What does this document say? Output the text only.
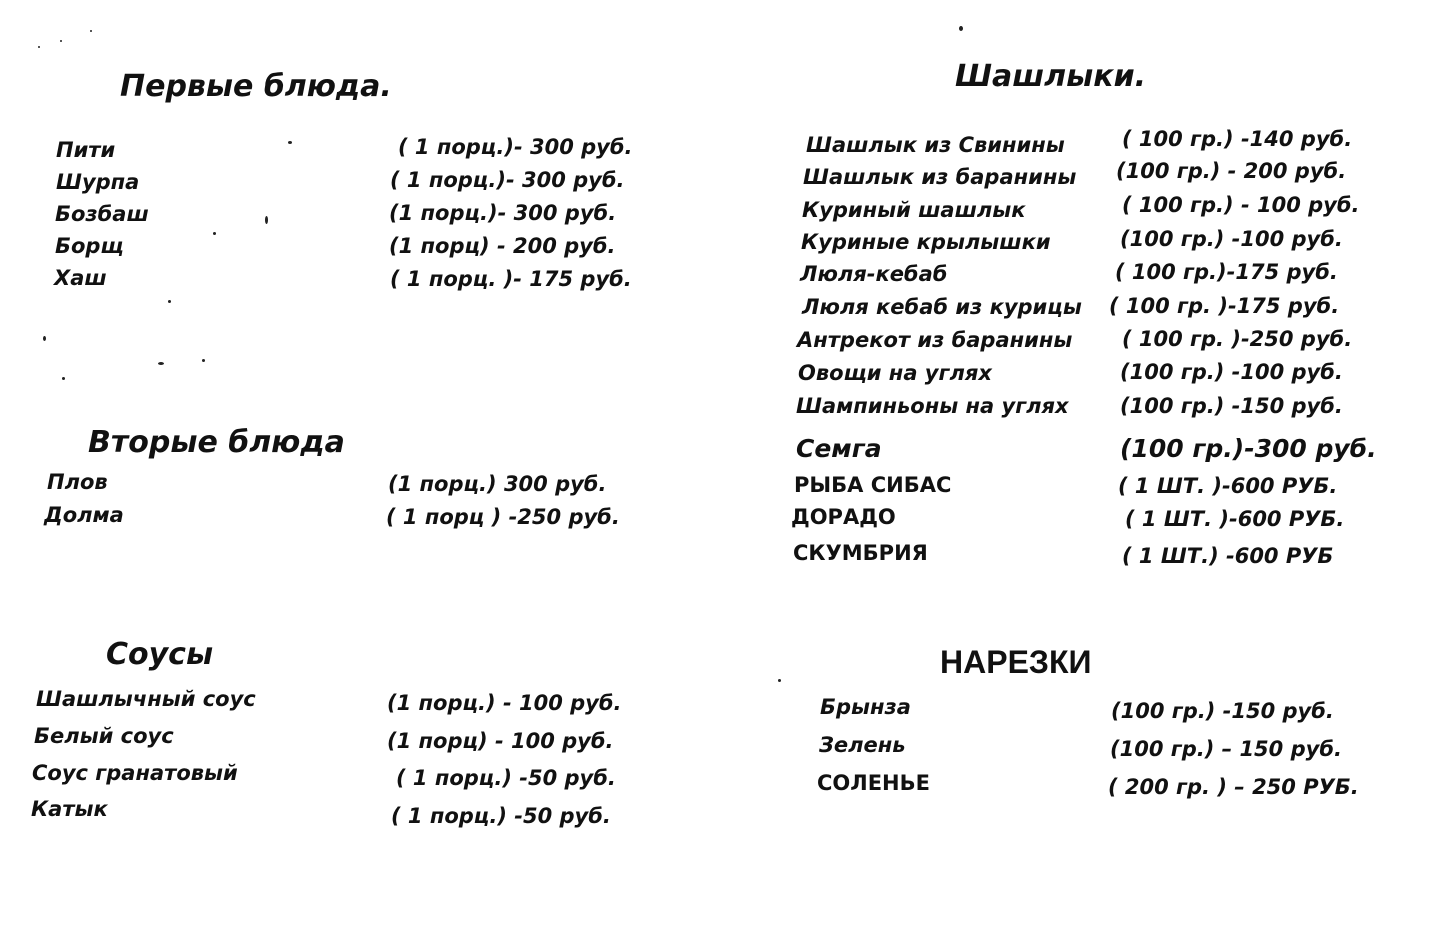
Первые блюда.
Пити	( 1 порц.)- 300 руб.
Шурпа	( 1 порц.)- 300 руб.
Бозбаш	(1 порц.)- 300 руб.
Борщ	(1 порц) - 200 руб.
Хаш	( 1 порц. )- 175 руб.
Вторые блюда
Плов	(1 порц.) 300 руб.
Долма	( 1 порц ) -250 руб.
Соусы
Шашлычный соус	(1 порц.) - 100 руб.
Белый соус	(1 порц) - 100 руб.
Соус гранатовый	( 1 порц.) -50 руб.
Катык	( 1 порц.) -50 руб.
Шашлыки.
Шашлык из Свинины	( 100 гр.) -140 руб.
Шашлык из баранины (100 гр.) - 200 руб.
Куриный шашлык	( 100 гр.) - 100 руб.
Куриные крылышки	(100 гр.) -100 руб.
Люля-кебаб	( 100 гр.)-175 руб.
Люля кебаб из курицы ( 100 гр. )-175 руб.
Антрекот из баранины ( 100 гр. )-250 руб.
Овощи на углях	(100 гр.) -100 руб.
Шампиньоны на углях (100 гр.) -150 руб.
Семга	(100 гр.)-300 руб.
РЫБА СИБАС	( 1 ШТ. )-600 РУБ.
ДОРАДО	( 1 ШТ. )-600 РУБ.
СКУМБРИЯ	( 1 ШТ.) -600 РУБ
НАРЕЗКИ
Брынза	(100 гр.) -150 руб.
Зелень	(100 гр.) – 150 руб.
СОЛЕНЬЕ	( 200 гр. ) – 250 РУБ.
